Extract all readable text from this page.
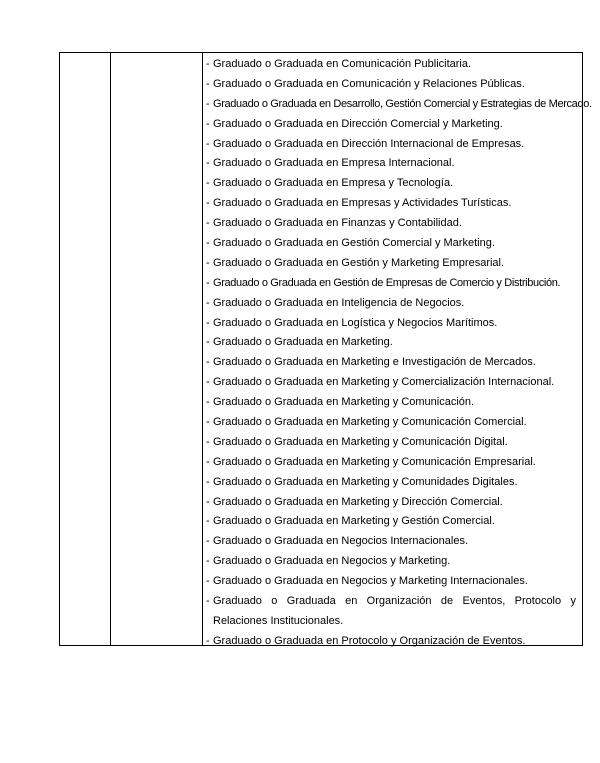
- Graduado o Graduada en Comunicación Publicitaria.
- Graduado o Graduada en Comunicación y Relaciones Públicas.
- Graduado o Graduada en Desarrollo, Gestión Comercial y Estrategias de Mercado.
- Graduado o Graduada en Dirección Comercial y Marketing.
- Graduado o Graduada en Dirección Internacional de Empresas.
- Graduado o Graduada en Empresa Internacional.
- Graduado o Graduada en Empresa y Tecnología.
- Graduado o Graduada en Empresas y Actividades Turísticas.
- Graduado o Graduada en Finanzas y Contabilidad.
- Graduado o Graduada en Gestión Comercial y Marketing.
- Graduado o Graduada en Gestión y Marketing Empresarial.
- Graduado o Graduada en Gestión de Empresas de Comercio y Distribución.
- Graduado o Graduada en Inteligencia de Negocios.
- Graduado o Graduada en Logística y Negocios Marítimos.
- Graduado o Graduada en Marketing.
- Graduado o Graduada en Marketing e Investigación de Mercados.
- Graduado o Graduada en Marketing y Comercialización Internacional.
- Graduado o Graduada en Marketing y Comunicación.
- Graduado o Graduada en Marketing y Comunicación Comercial.
- Graduado o Graduada en Marketing y Comunicación Digital.
- Graduado o Graduada en Marketing y Comunicación Empresarial.
- Graduado o Graduada en Marketing y Comunidades Digitales.
- Graduado o Graduada en Marketing y Dirección Comercial.
- Graduado o Graduada en Marketing y Gestión Comercial.
- Graduado o Graduada en Negocios Internacionales.
- Graduado o Graduada en Negocios y Marketing.
- Graduado o Graduada en Negocios y Marketing Internacionales.
- Graduado o Graduada en Organización de Eventos, Protocolo y Relaciones Institucionales.
- Graduado o Graduada en Protocolo y Organización de Eventos.
